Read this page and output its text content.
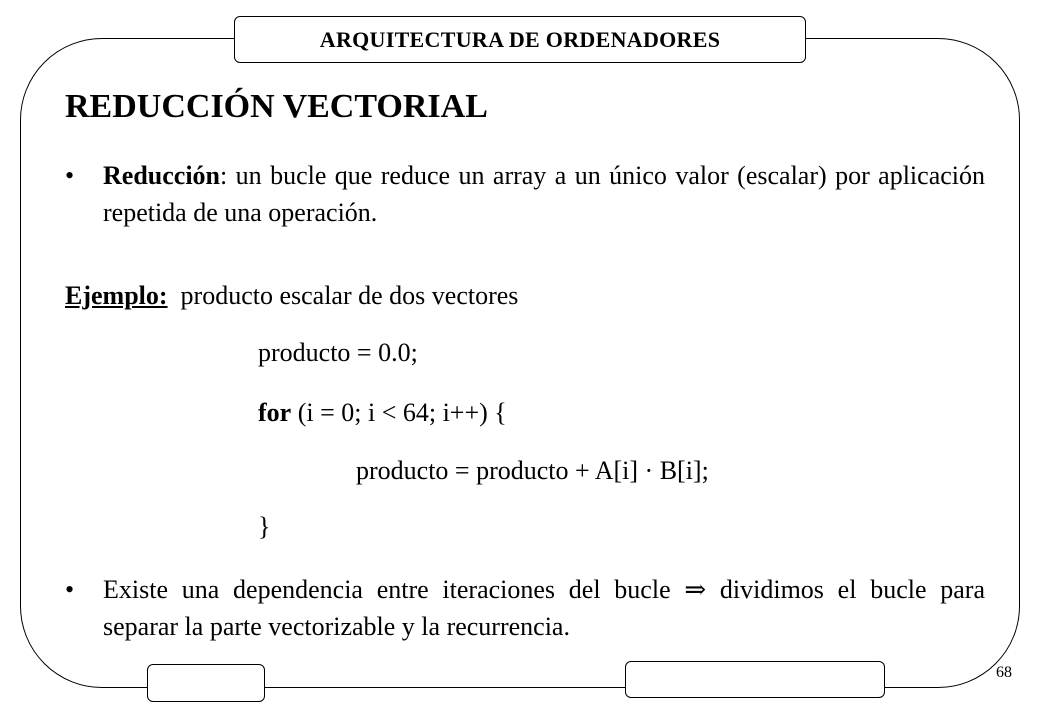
ARQUITECTURA DE ORDENADORES
68
REDUCCIÓN VECTORIAL
• Reducción: un bucle que reduce un array a un único valor (escalar) por aplicación repetida de una operación.
Ejemplo: producto escalar de dos vectores
producto = 0.0;
for (i = 0; i < 64; i++) {
producto = producto + A[i] · B[i];
}
• Existe una dependencia entre iteraciones del bucle ⇒ dividimos el bucle para separar la parte vectorizable y la recurrencia.
